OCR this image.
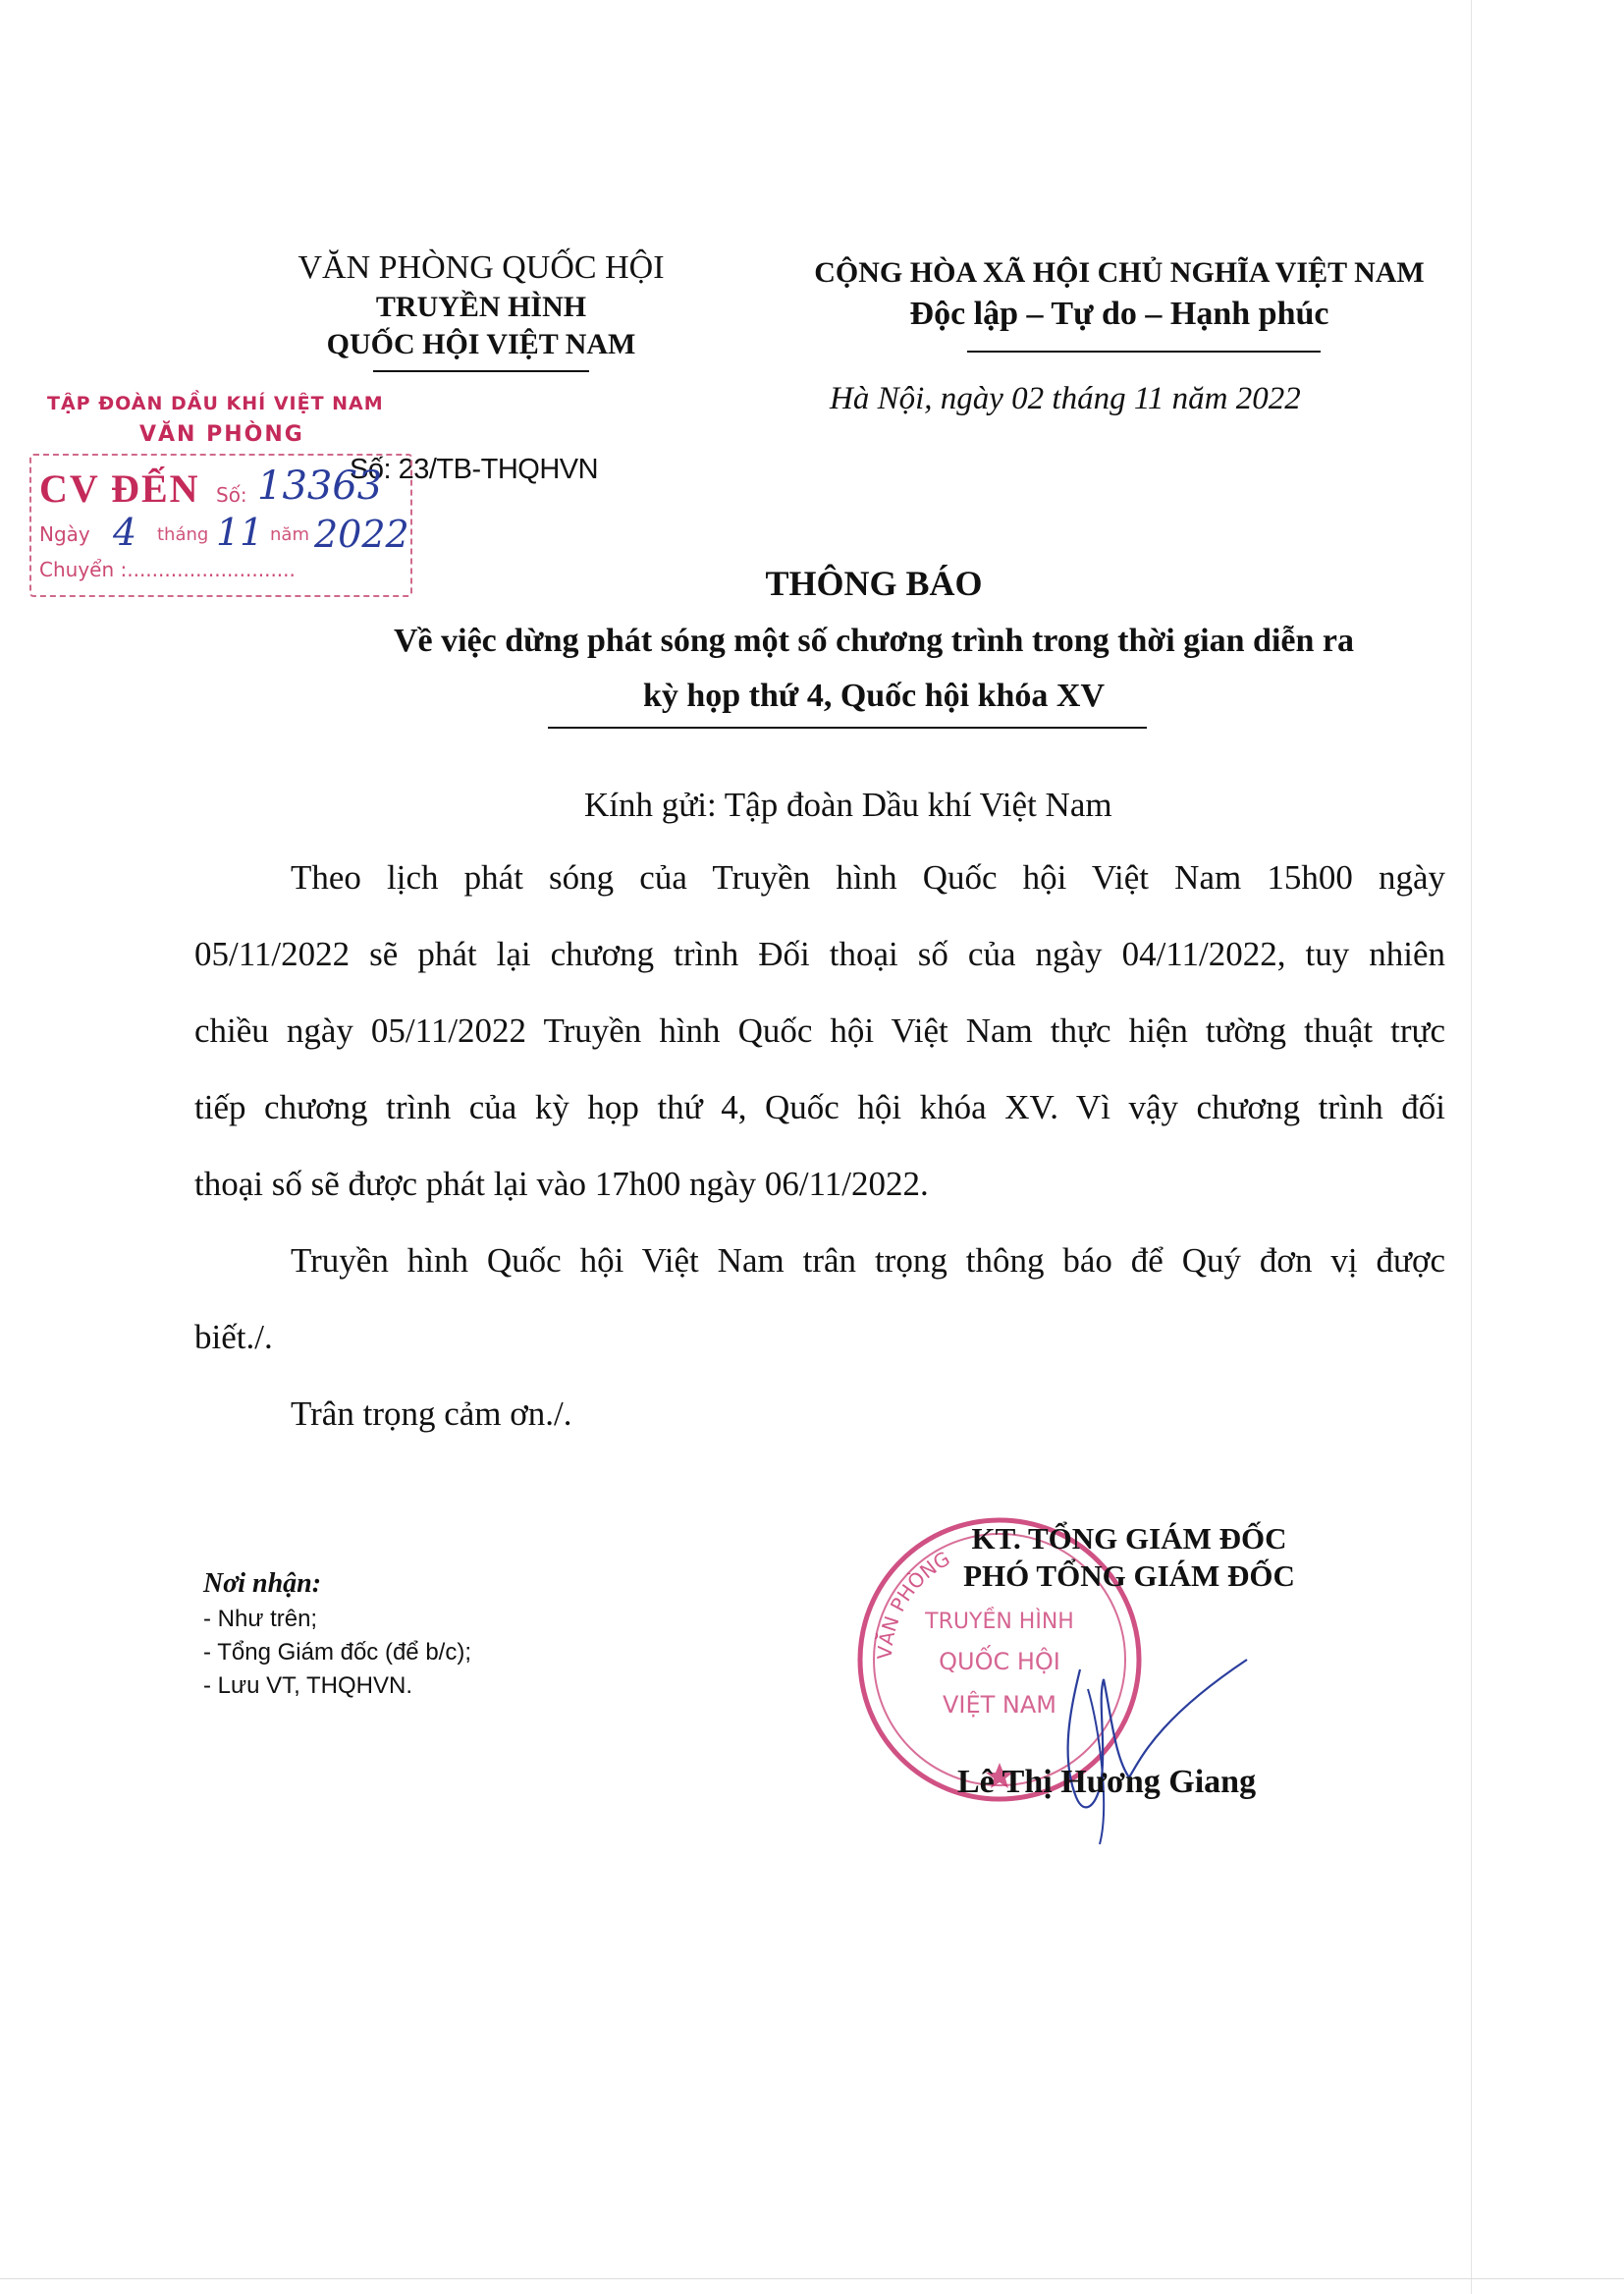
VĂN PHÒNG QUỐC HỘI
TRUYỀN HÌNH
QUỐC HỘI VIỆT NAM
CỘNG HÒA XÃ HỘI CHỦ NGHĨA VIỆT NAM
Độc lập – Tự do – Hạnh phúc
Hà Nội, ngày 02 tháng 11 năm 2022
Số: 23/TB-THQHVN
TẬP ĐOÀN DẦU KHÍ VIỆT NAM
VĂN PHÒNG
CV ĐẾN Số: 13363
Ngày 4 tháng 11 năm 2022
Chuyển :...........................	THÔNG BÁO
Về việc dừng phát sóng một số chương trình trong thời gian diễn ra
kỳ họp thứ 4, Quốc hội khóa XV
Kính gửi: Tập đoàn Dầu khí Việt Nam
Theo lịch phát sóng của Truyền hình Quốc hội Việt Nam 15h00 ngày
05/11/2022 sẽ phát lại chương trình Đối thoại số của ngày 04/11/2022, tuy nhiên
chiều ngày 05/11/2022 Truyền hình Quốc hội Việt Nam thực hiện tường thuật trực
tiếp chương trình của kỳ họp thứ 4, Quốc hội khóa XV. Vì vậy chương trình đối
thoại số sẽ được phát lại vào 17h00 ngày 06/11/2022.
Truyền hình Quốc hội Việt Nam trân trọng thông báo để Quý đơn vị được
biết./.
Trân trọng cảm ơn./.
Nơi nhận:
- Như trên;
- Tổng Giám đốc (để b/c);
- Lưu VT, THQHVN.
VĂN PHÒNG
TRUYỀN HÌNH
QUỐC HỘI
VIỆT NAM
KT. TỔNG GIÁM ĐỐC
PHÓ TỔNG GIÁM ĐỐC
Lê Thị Hương Giang
